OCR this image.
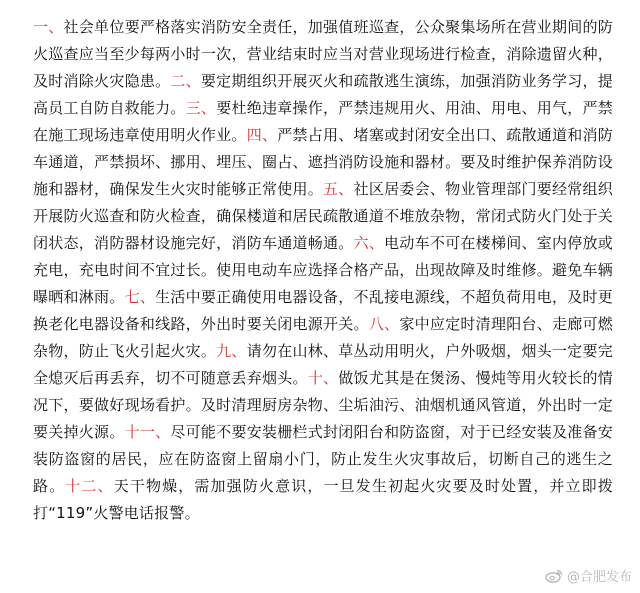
一、社会单位要严格落实消防安全责任，加强值班巡查，公众聚集场所在营业期间的防火巡查应当至少每两小时一次，营业结束时应当对营业现场进行检查，消除遗留火种，及时消除火灾隐患。二、要定期组织开展灭火和疏散逃生演练，加强消防业务学习，提高员工自防自救能力。三、要杜绝违章操作，严禁违规用火、用油、用电、用气，严禁在施工现场违章使用明火作业。四、严禁占用、堵塞或封闭安全出口、疏散通道和消防车通道，严禁损坏、挪用、埋压、圈占、遮挡消防设施和器材。要及时维护保养消防设施和器材，确保发生火灾时能够正常使用。五、社区居委会、物业管理部门要经常组织开展防火巡查和防火检查，确保楼道和居民疏散通道不堆放杂物，常闭式防火门处于关闭状态，消防器材设施完好，消防车通道畅通。六、电动车不可在楼梯间、室内停放或充电，充电时间不宜过长。使用电动车应选择合格产品，出现故障及时维修。避免车辆曝晒和淋雨。七、生活中要正确使用电器设备，不乱接电源线，不超负荷用电，及时更换老化电器设备和线路，外出时要关闭电源开关。八、家中应定时清理阳台、走廊可燃杂物，防止飞火引起火灾。九、请勿在山林、草丛动用明火，户外吸烟，烟头一定要完全熄灭后再丢弃，切不可随意丢弃烟头。十、做饭尤其是在煲汤、慢炖等用火较长的情况下，要做好现场看护。及时清理厨房杂物、尘垢油污、油烟机通风管道，外出时一定要关掉火源。十一、尽可能不要安装栅栏式封闭阳台和防盗窗，对于已经安装及准备安装防盗窗的居民，应在防盗窗上留扇小门，防止发生火灾事故后，切断自己的逃生之路。十二、天干物燥，需加强防火意识，一旦发生初起火灾要及时处置，并立即拨打“119”火警电话报警。
@合肥发布
